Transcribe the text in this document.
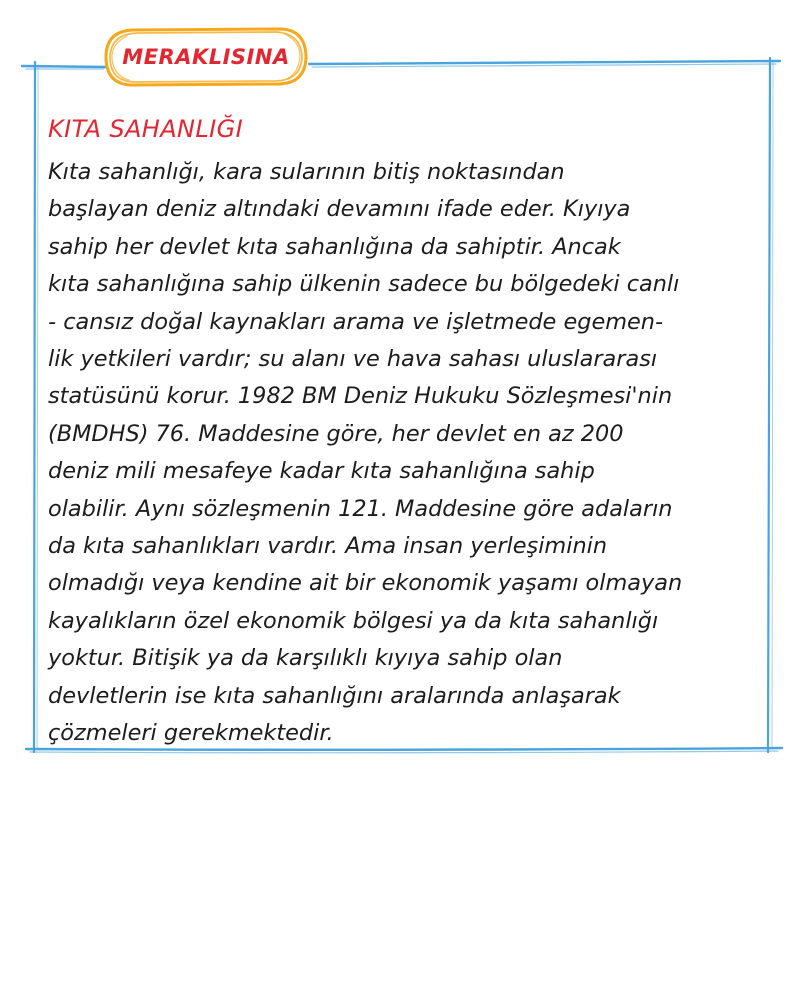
MERAKLISINA
KITA SAHANLIĞI
Kıta sahanlığı, kara sularının bitiş noktasından
başlayan deniz altındaki devamını ifade eder. Kıyıya
sahip her devlet kıta sahanlığına da sahiptir. Ancak
kıta sahanlığına sahip ülkenin sadece bu bölgedeki canlı
- cansız doğal kaynakları arama ve işletmede egemen-
lik yetkileri vardır; su alanı ve hava sahası uluslararası
statüsünü korur. 1982 BM Deniz Hukuku Sözleşmesi'nin
(BMDHS) 76. Maddesine göre, her devlet en az 200
deniz mili mesafeye kadar kıta sahanlığına sahip
olabilir. Aynı sözleşmenin 121. Maddesine göre adaların
da kıta sahanlıkları vardır. Ama insan yerleşiminin
olmadığı veya kendine ait bir ekonomik yaşamı olmayan
kayalıkların özel ekonomik bölgesi ya da kıta sahanlığı
yoktur. Bitişik ya da karşılıklı kıyıya sahip olan
devletlerin ise kıta sahanlığını aralarında anlaşarak
çözmeleri gerekmektedir.
